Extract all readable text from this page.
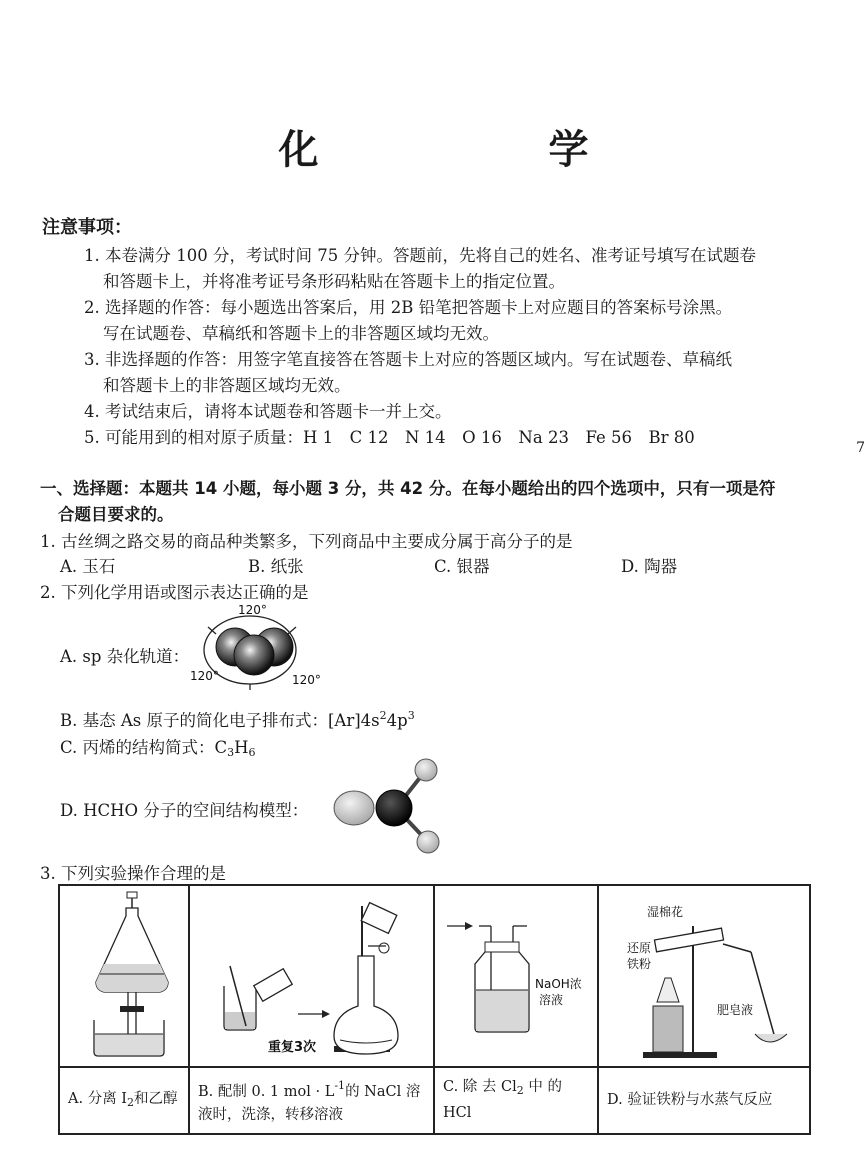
化 学
注意事项：
1. 本卷满分 100 分，考试时间 75 分钟。答题前，先将自己的姓名、准考证号填写在试题卷
和答题卡上，并将准考证号条形码粘贴在答题卡上的指定位置。
2. 选择题的作答：每小题选出答案后，用 2B 铅笔把答题卡上对应题目的答案标号涂黑。
写在试题卷、草稿纸和答题卡上的非答题区域均无效。
3. 非选择题的作答：用签字笔直接答在答题卡上对应的答题区域内。写在试题卷、草稿纸
和答题卡上的非答题区域均无效。
4. 考试结束后，请将本试题卷和答题卡一并上交。
5. 可能用到的相对原子质量：H 1　C 12　N 14　O 16　Na 23　Fe 56　Br 80
7
一、选择题：本题共 14 小题，每小题 3 分，共 42 分。在每小题给出的四个选项中，只有一项是符
合题目要求的。
1. 古丝绸之路交易的商品种类繁多，下列商品中主要成分属于高分子的是
A. 玉石	B. 纸张	C. 银器	D. 陶器
2. 下列化学用语或图示表达正确的是
A. sp 杂化轨道：
120°
120°	120°
B. 基态 As 原子的简化电子排布式：$[Ar]4s^24p^3$
C. 丙烯的结构简式：$C_3H_6$
D. HCHO 分子的空间结构模型：
3. 下列实验操作合理的是

重复3次	NaOH浓
溶液	湿棉花
还原
铁粉
肥皂液

A. 分离 $I_2$和乙醇	B. 配制 0. 1 mol · $L^{-1}$的 NaCl 溶液时，洗涤，转移溶液	C. 除 去 $Cl_2$ 中 的 HCl	D. 验证铁粉与水蒸气反应
